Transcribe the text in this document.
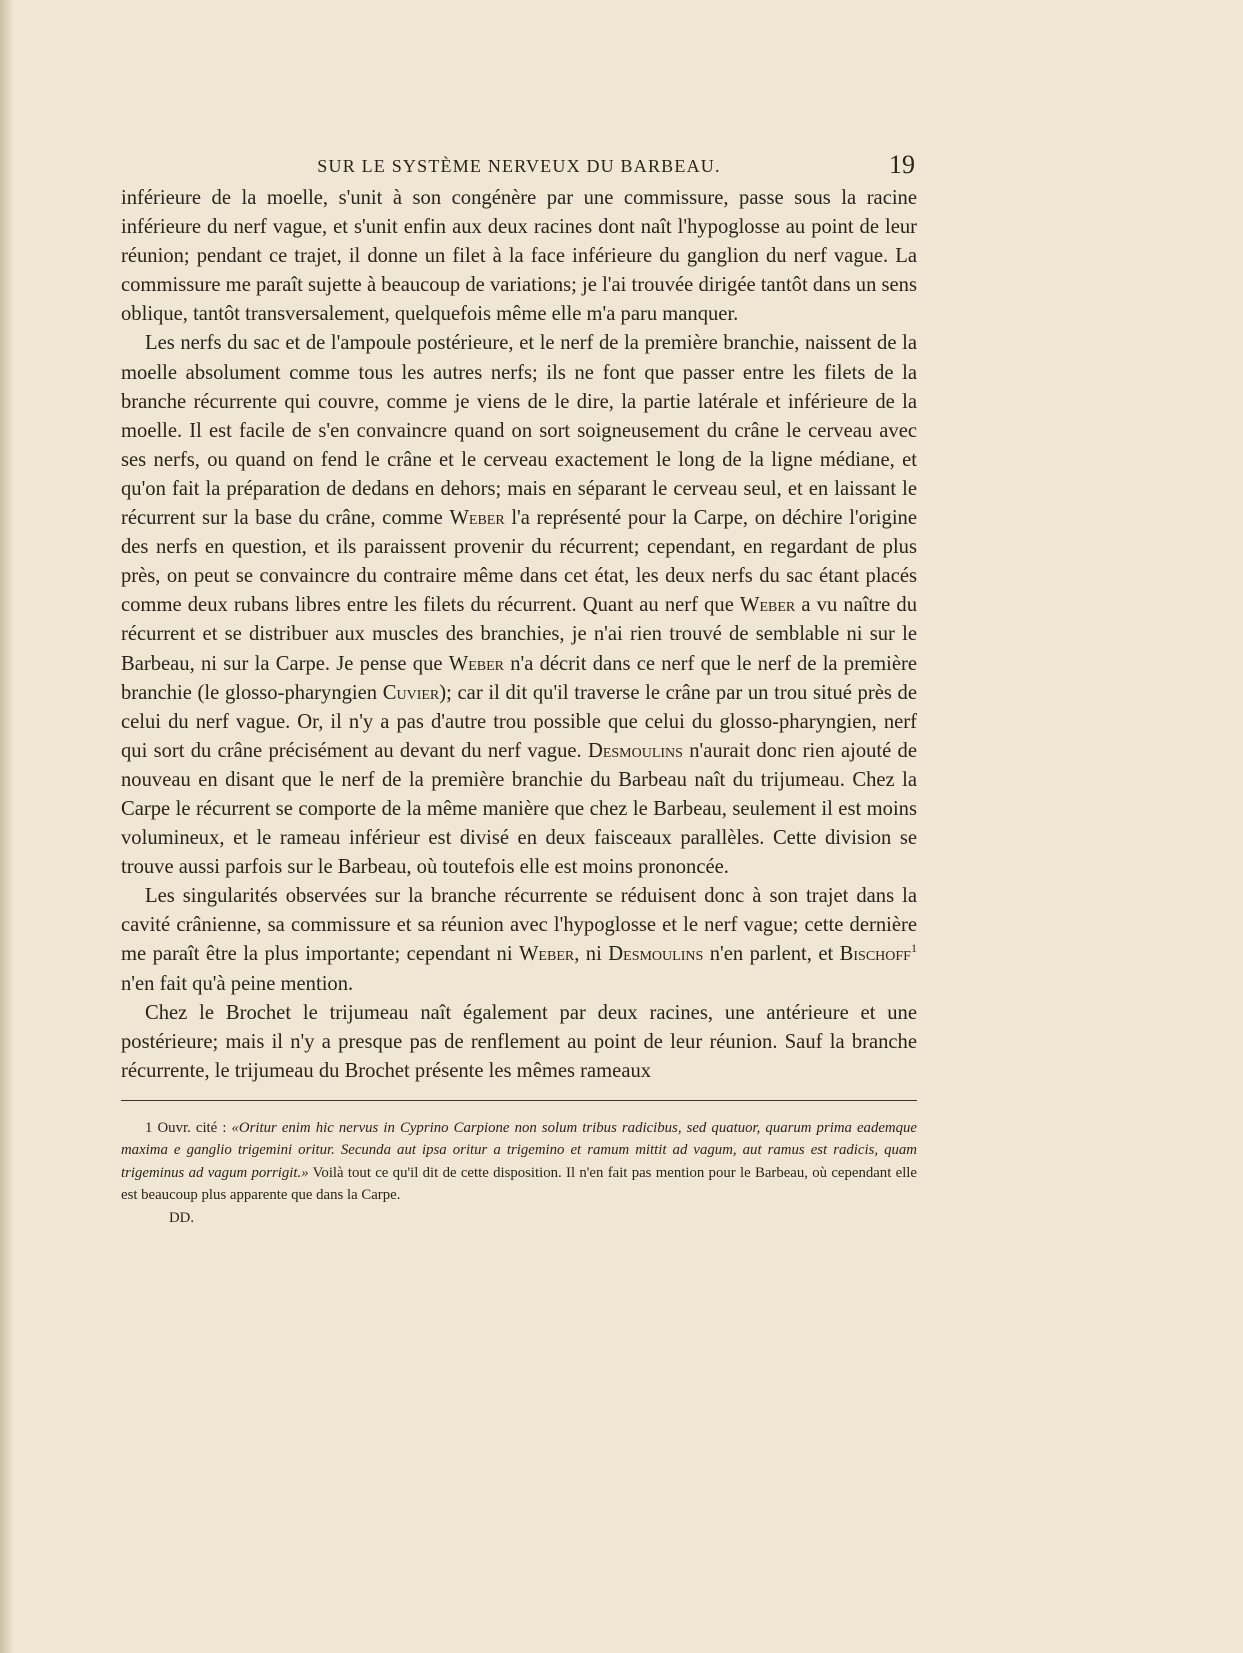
SUR LE SYSTÈME NERVEUX DU BARBEAU.	19

inférieure de la moelle, s'unit à son congénère par une commissure, passe sous la racine inférieure du nerf vague, et s'unit enfin aux deux racines dont naît l'hypoglosse au point de leur réunion; pendant ce trajet, il donne un filet à la face inférieure du ganglion du nerf vague. La commissure me paraît sujette à beaucoup de variations; je l'ai trouvée dirigée tantôt dans un sens oblique, tantôt transversalement, quelquefois même elle m'a paru manquer.

Les nerfs du sac et de l'ampoule postérieure, et le nerf de la première branchie, naissent de la moelle absolument comme tous les autres nerfs; ils ne font que passer entre les filets de la branche récurrente qui couvre, comme je viens de le dire, la partie latérale et inférieure de la moelle. Il est facile de s'en convaincre quand on sort soigneusement du crâne le cerveau avec ses nerfs, ou quand on fend le crâne et le cerveau exactement le long de la ligne médiane, et qu'on fait la préparation de dedans en dehors; mais en séparant le cerveau seul, et en laissant le récurrent sur la base du crâne, comme Weber l'a représenté pour la Carpe, on déchire l'origine des nerfs en question, et ils paraissent provenir du récurrent; cependant, en regardant de plus près, on peut se convaincre du contraire même dans cet état, les deux nerfs du sac étant placés comme deux rubans libres entre les filets du récurrent. Quant au nerf que Weber a vu naître du récurrent et se distribuer aux muscles des branchies, je n'ai rien trouvé de semblable ni sur le Barbeau, ni sur la Carpe. Je pense que Weber n'a décrit dans ce nerf que le nerf de la première branchie (le glosso-pharyngien Cuvier); car il dit qu'il traverse le crâne par un trou situé près de celui du nerf vague. Or, il n'y a pas d'autre trou possible que celui du glosso-pharyngien, nerf qui sort du crâne précisément au devant du nerf vague. Desmoulins n'aurait donc rien ajouté de nouveau en disant que le nerf de la première branchie du Barbeau naît du trijumeau. Chez la Carpe le récurrent se comporte de la même manière que chez le Barbeau, seulement il est moins volumineux, et le rameau inférieur est divisé en deux faisceaux parallèles. Cette division se trouve aussi parfois sur le Barbeau, où toutefois elle est moins prononcée.

Les singularités observées sur la branche récurrente se réduisent donc à son trajet dans la cavité crânienne, sa commissure et sa réunion avec l'hypoglosse et le nerf vague; cette dernière me paraît être la plus importante; cependant ni Weber, ni Desmoulins n'en parlent, et Bischoff$^1$ n'en fait qu'à peine mention.

Chez le Brochet le trijumeau naît également par deux racines, une antérieure et une postérieure; mais il n'y a presque pas de renflement au point de leur réunion. Sauf la branche récurrente, le trijumeau du Brochet présente les mêmes rameaux

1 Ouvr. cité : «Oritur enim hic nervus in Cyprino Carpione non solum tribus radicibus, sed quatuor, quarum prima eademque maxima e ganglio trigemini oritur. Secunda aut ipsa oritur a trigemino et ramum mittit ad vagum, aut ramus est radicis, quam trigeminus ad vagum porrigit.» Voilà tout ce qu'il dit de cette disposition. Il n'en fait pas mention pour le Barbeau, où cependant elle est beaucoup plus apparente que dans la Carpe.
DD.
